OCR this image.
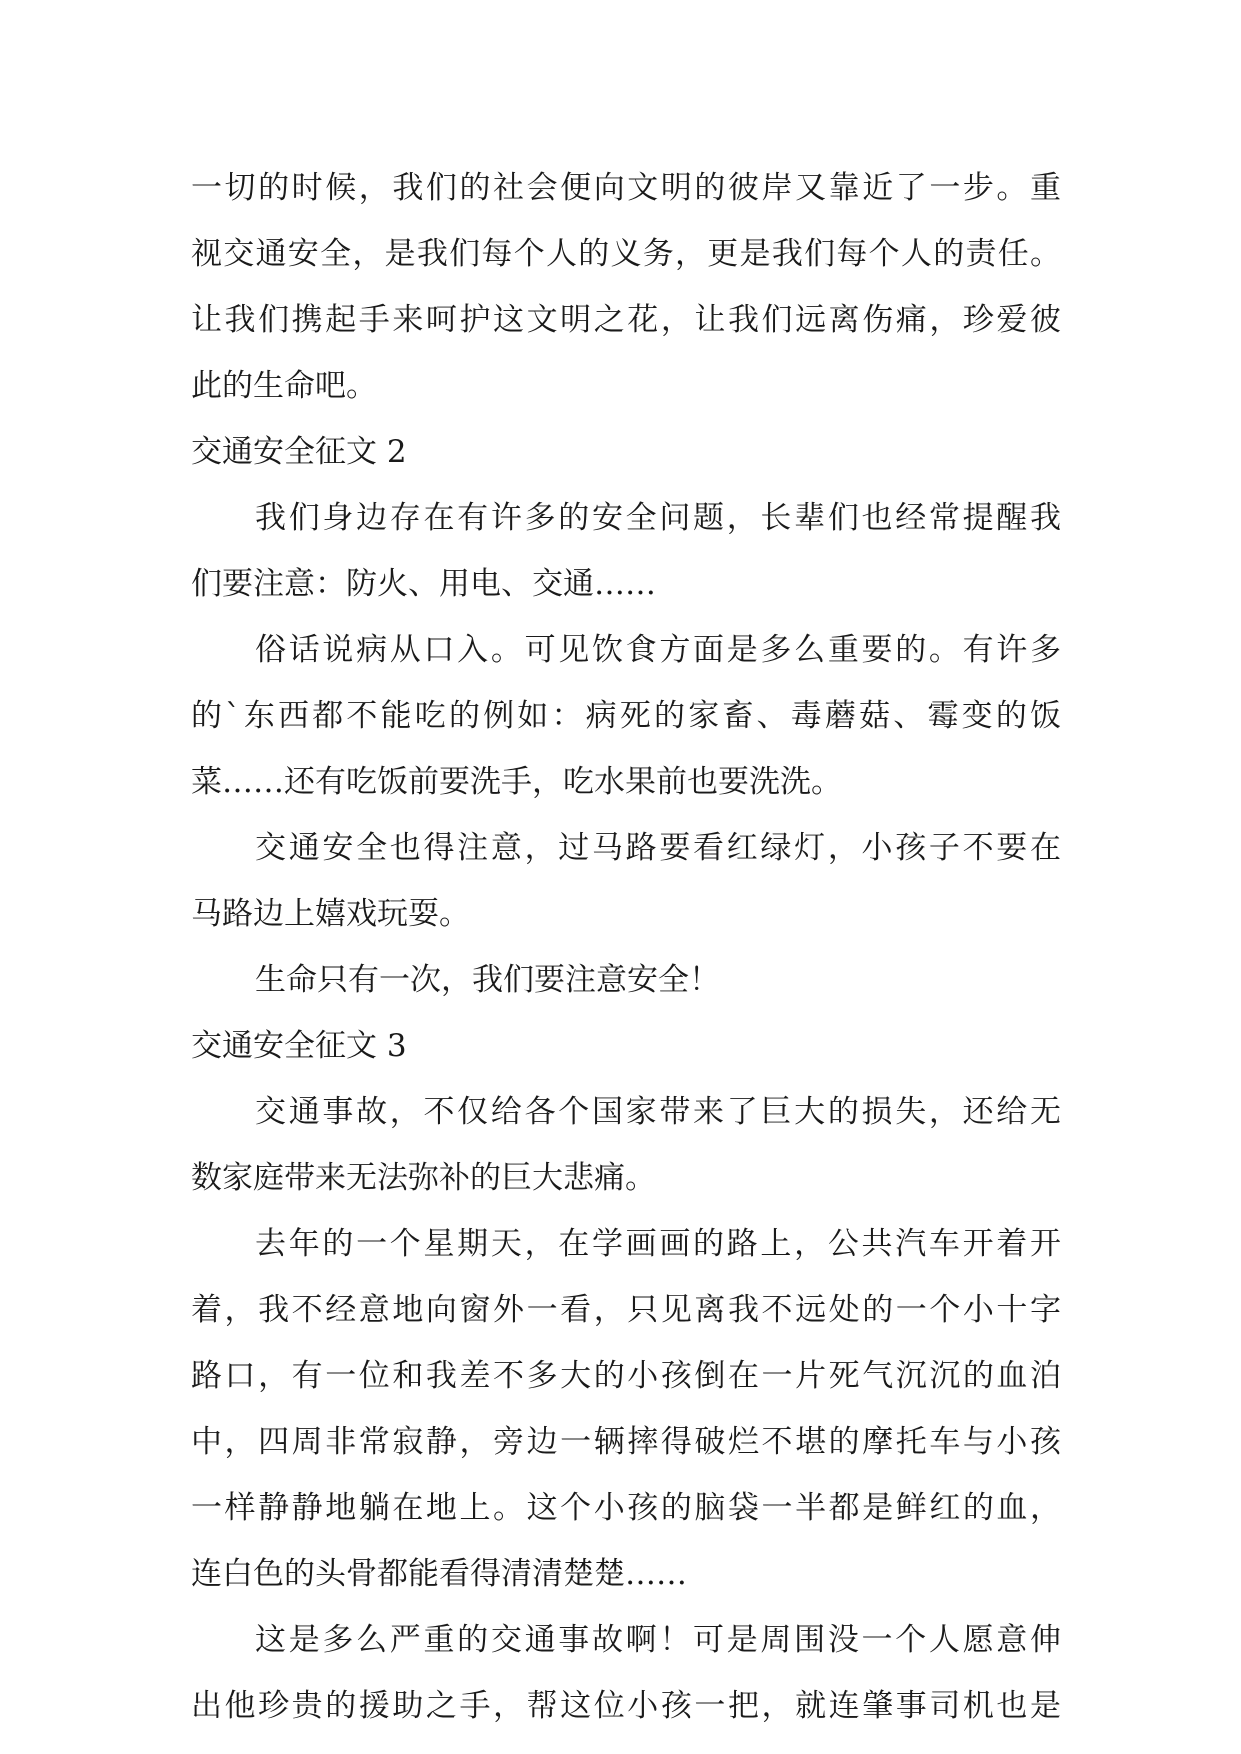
一切的时候，我们的社会便向文明的彼岸又靠近了一步。重
视交通安全，是我们每个人的义务，更是我们每个人的责任。
让我们携起手来呵护这文明之花，让我们远离伤痛，珍爱彼
此的生命吧。
交通安全征文 2
我们身边存在有许多的安全问题，长辈们也经常提醒我
们要注意：防火、用电、交通……
俗话说病从口入。可见饮食方面是多么重要的。有许多
的`东西都不能吃的例如：病死的家畜、毒蘑菇、霉变的饭
菜……还有吃饭前要洗手，吃水果前也要洗洗。
交通安全也得注意，过马路要看红绿灯，小孩子不要在
马路边上嬉戏玩耍。
生命只有一次，我们要注意安全！
交通安全征文 3
交通事故，不仅给各个国家带来了巨大的损失，还给无
数家庭带来无法弥补的巨大悲痛。
去年的一个星期天，在学画画的路上，公共汽车开着开
着，我不经意地向窗外一看，只见离我不远处的一个小十字
路口，有一位和我差不多大的小孩倒在一片死气沉沉的血泊
中，四周非常寂静，旁边一辆摔得破烂不堪的摩托车与小孩
一样静静地躺在地上。这个小孩的脑袋一半都是鲜红的血，
连白色的头骨都能看得清清楚楚……
这是多么严重的交通事故啊！可是周围没一个人愿意伸
出他珍贵的援助之手，帮这位小孩一把，就连肇事司机也是
